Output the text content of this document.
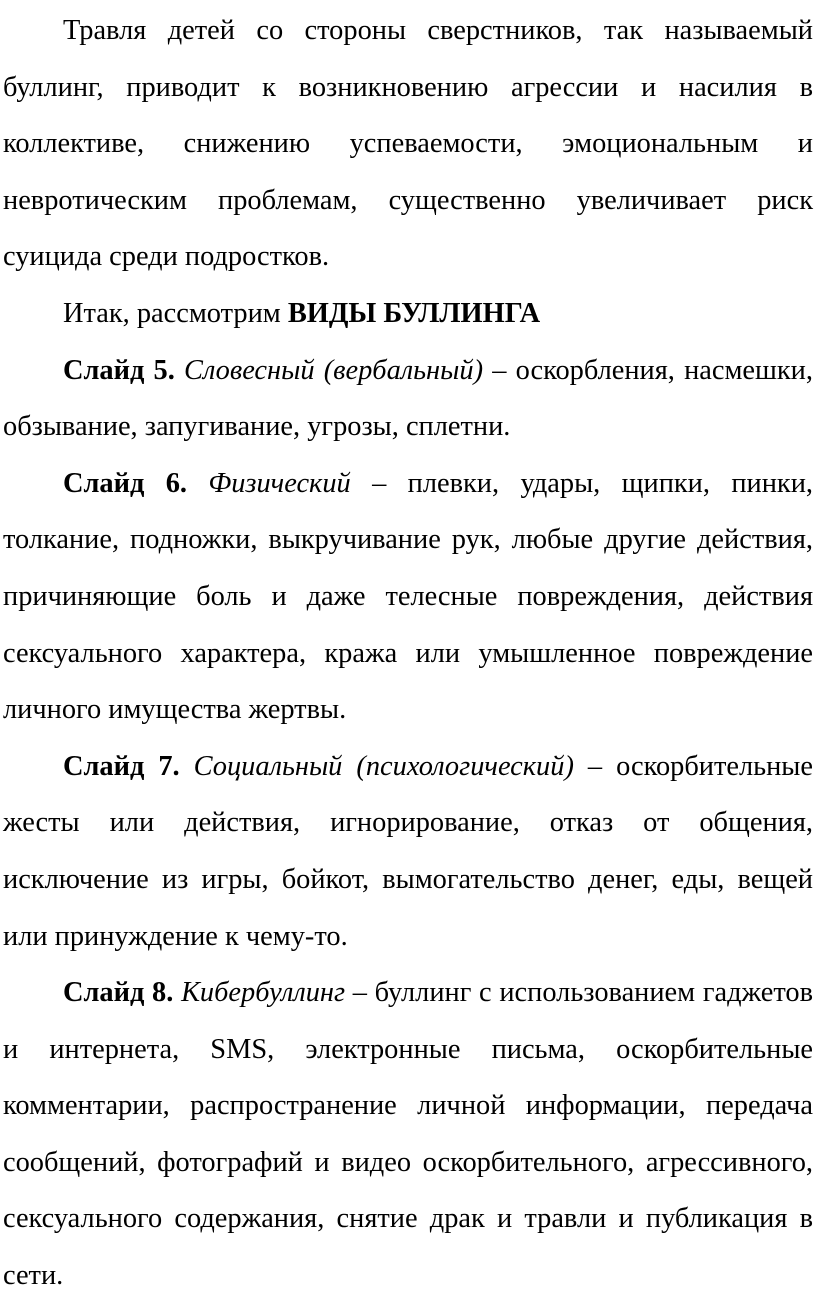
Травля детей со стороны сверстников, так называемый буллинг, приводит к возникновению агрессии и насилия в коллективе, снижению успеваемости, эмоциональным и невротическим проблемам, существенно увеличивает риск суицида среди подростков.

Итак, рассмотрим ВИДЫ БУЛЛИНГА

Слайд 5. Словесный (вербальный) – оскорбления, насмешки, обзывание, запугивание, угрозы, сплетни.

Слайд 6. Физический – плевки, удары, щипки, пинки, толкание, подножки, выкручивание рук, любые другие действия, причиняющие боль и даже телесные повреждения, действия сексуального характера, кража или умышленное повреждение личного имущества жертвы.

Слайд 7. Социальный (психологический) – оскорбительные жесты или действия, игнорирование, отказ от общения, исключение из игры, бойкот, вымогательство денег, еды, вещей или принуждение к чему-то.

Слайд 8. Кибербуллинг – буллинг с использованием гаджетов и интернета, SMS, электронные письма, оскорбительные комментарии, распространение личной информации, передача сообщений, фотографий и видео оскорбительного, агрессивного, сексуального содержания, снятие драк и травли и публикация в сети.
